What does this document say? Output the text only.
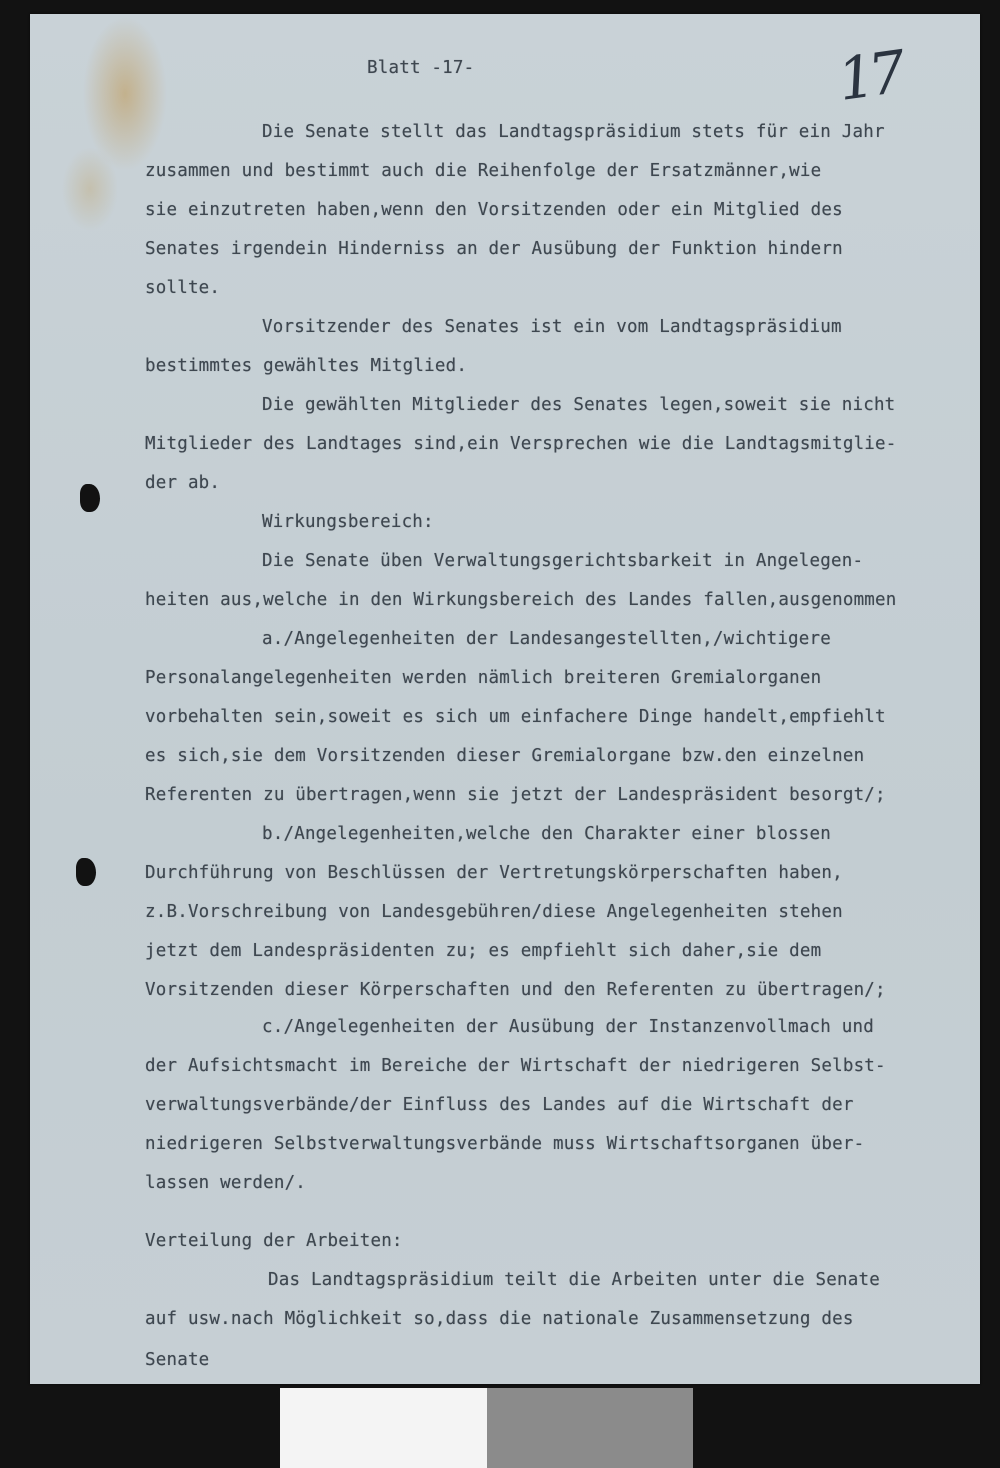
Blatt -17-	17
Die Senate stellt das Landtagspräsidium stets für ein Jahr
zusammen und bestimmt auch die Reihenfolge der Ersatzmänner,wie
sie einzutreten haben,wenn den Vorsitzenden oder ein Mitglied des
Senates irgendein Hinderniss an der Ausübung der Funktion hindern
sollte.
Vorsitzender des Senates ist ein vom Landtagspräsidium
bestimmtes gewähltes Mitglied.
Die gewählten Mitglieder des Senates legen,soweit sie nicht
Mitglieder des Landtages sind,ein Versprechen wie die Landtagsmitglie-
der ab.
Wirkungsbereich:
Die Senate üben Verwaltungsgerichtsbarkeit in Angelegen-
heiten aus,welche in den Wirkungsbereich des Landes fallen,ausgenommen
a./Angelegenheiten der Landesangestellten,/wichtigere
Personalangelegenheiten werden nämlich breiteren Gremialorganen
vorbehalten sein,soweit es sich um einfachere Dinge handelt,empfiehlt
es sich,sie dem Vorsitzenden dieser Gremialorgane bzw.den einzelnen
Referenten zu übertragen,wenn sie jetzt der Landespräsident besorgt/;
b./Angelegenheiten,welche den Charakter einer blossen
Durchführung von Beschlüssen der Vertretungskörperschaften haben,
z.B.Vorschreibung von Landesgebühren/diese Angelegenheiten stehen
jetzt dem Landespräsidenten zu; es empfiehlt sich daher,sie dem
Vorsitzenden dieser Körperschaften und den Referenten zu übertragen/;
c./Angelegenheiten der Ausübung der Instanzenvollmach und
der Aufsichtsmacht im Bereiche der Wirtschaft der niedrigeren Selbst-
verwaltungsverbände/der Einfluss des Landes auf die Wirtschaft der
niedrigeren Selbstverwaltungsverbände muss Wirtschaftsorganen über-
lassen werden/.
Verteilung der Arbeiten:
Das Landtagspräsidium teilt die Arbeiten unter die Senate
auf usw.nach Möglichkeit so,dass die nationale Zusammensetzung des
Senate
